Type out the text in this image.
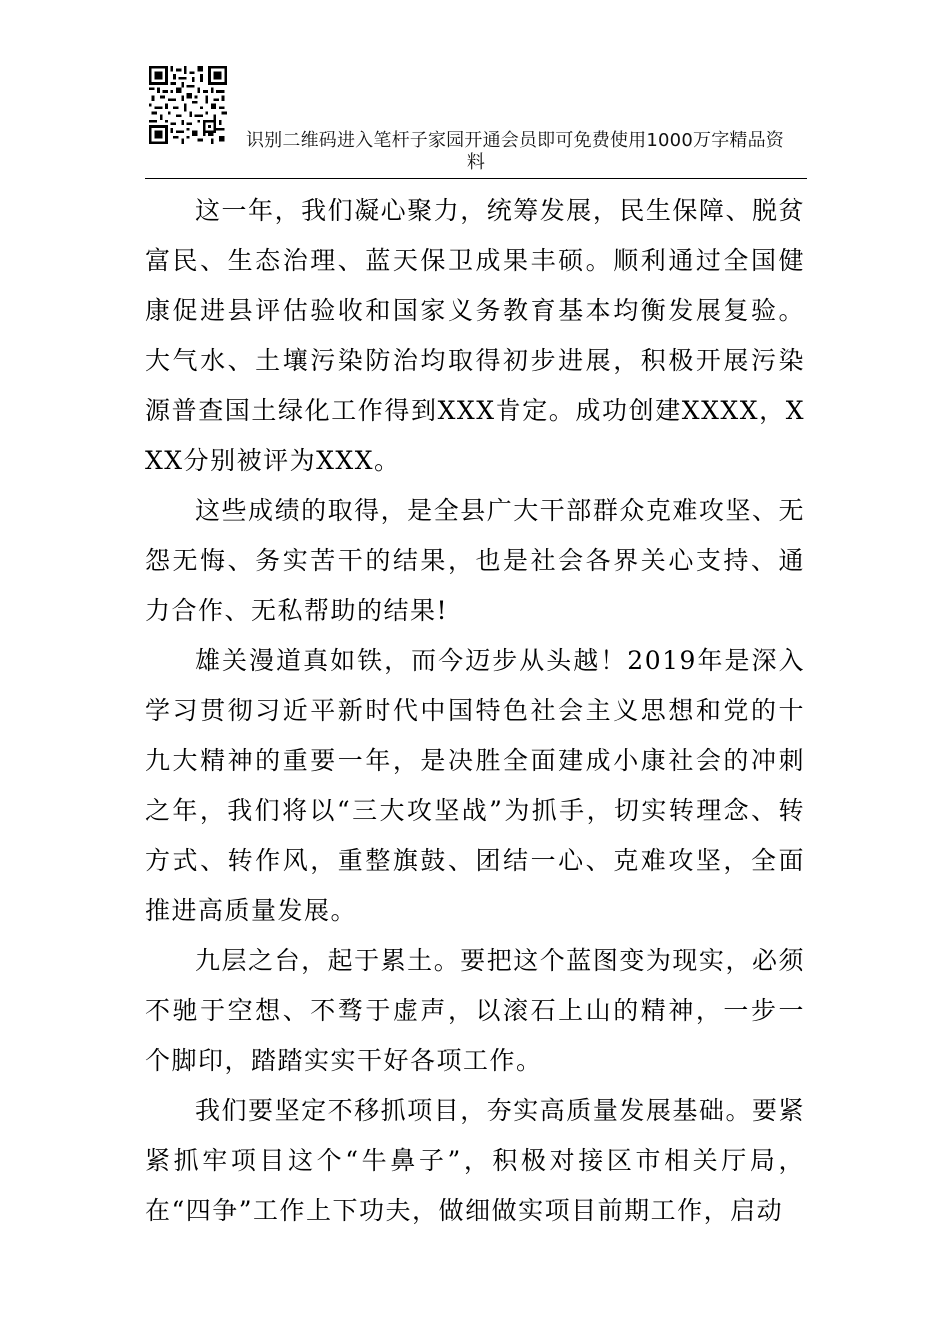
识别二维码进入笔杆子家园开通会员即可免费使用1000万字精品资
料

这一年，我们凝心聚力，统筹发展，民生保障、脱贫富民、生态治理、蓝天保卫成果丰硕。顺利通过全国健康促进县评估验收和国家义务教育基本均衡发展复验。大气水、土壤污染防治均取得初步进展，积极开展污染源普查国土绿化工作得到XXX肯定。成功创建XXXX，XXX分别被评为XXX。

这些成绩的取得，是全县广大干部群众克难攻坚、无怨无悔、务实苦干的结果，也是社会各界关心支持、通力合作、无私帮助的结果!

雄关漫道真如铁，而今迈步从头越！2019年是深入学习贯彻习近平新时代中国特色社会主义思想和党的十九大精神的重要一年，是决胜全面建成小康社会的冲刺之年，我们将以“三大攻坚战”为抓手，切实转理念、转方式、转作风，重整旗鼓、团结一心、克难攻坚，全面推进高质量发展。

九层之台，起于累土。要把这个蓝图变为现实，必须不驰于空想、不骛于虚声，以滚石上山的精神，一步一个脚印，踏踏实实干好各项工作。

我们要坚定不移抓项目，夯实高质量发展基础。要紧紧抓牢项目这个“牛鼻子”，积极对接区市相关厅局，在“四争”工作上下功夫，做细做实项目前期工作，启动
